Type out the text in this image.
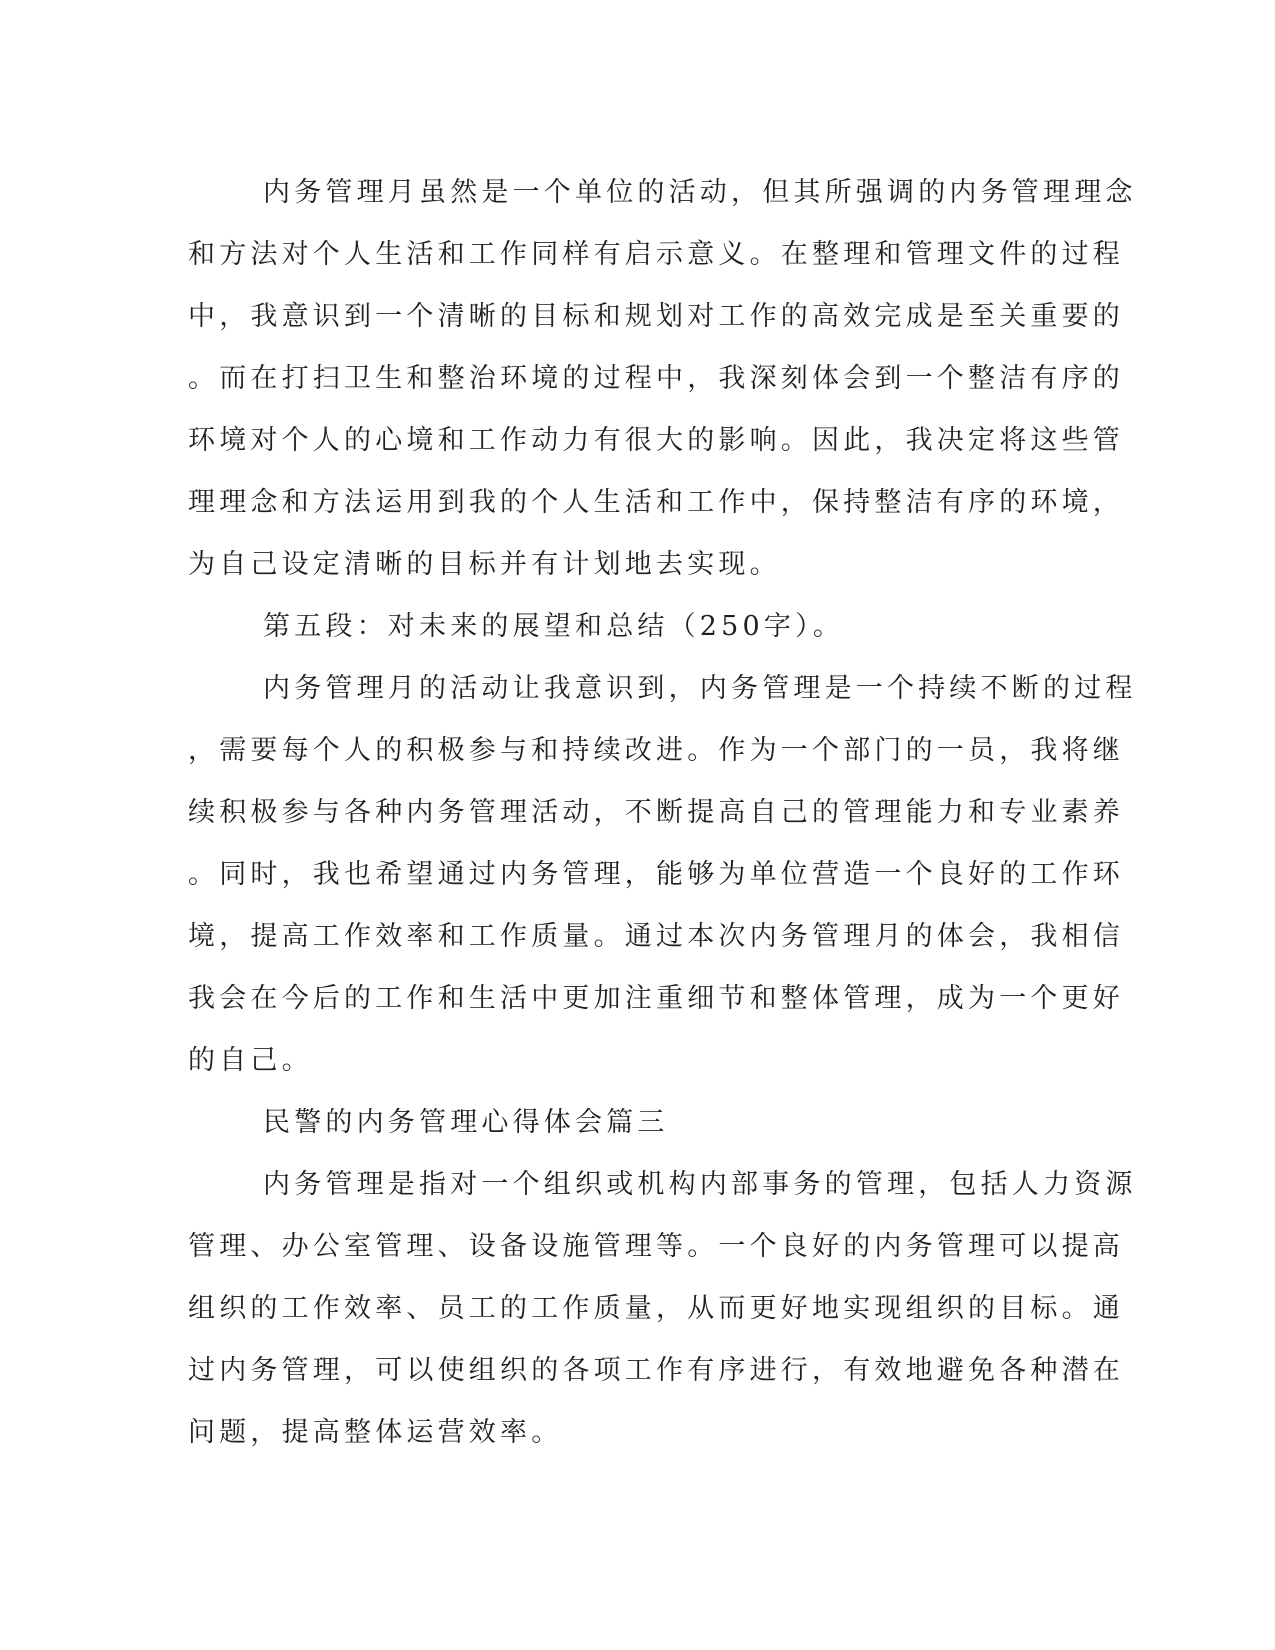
内务管理月虽然是一个单位的活动，但其所强调的内务管理理念
和方法对个人生活和工作同样有启示意义。在整理和管理文件的过程
中，我意识到一个清晰的目标和规划对工作的高效完成是至关重要的
。而在打扫卫生和整治环境的过程中，我深刻体会到一个整洁有序的
环境对个人的心境和工作动力有很大的影响。因此，我决定将这些管
理理念和方法运用到我的个人生活和工作中，保持整洁有序的环境，
为自己设定清晰的目标并有计划地去实现。
第五段：对未来的展望和总结（250字）。
内务管理月的活动让我意识到，内务管理是一个持续不断的过程
，需要每个人的积极参与和持续改进。作为一个部门的一员，我将继
续积极参与各种内务管理活动，不断提高自己的管理能力和专业素养
。同时，我也希望通过内务管理，能够为单位营造一个良好的工作环
境，提高工作效率和工作质量。通过本次内务管理月的体会，我相信
我会在今后的工作和生活中更加注重细节和整体管理，成为一个更好
的自己。
民警的内务管理心得体会篇三
内务管理是指对一个组织或机构内部事务的管理，包括人力资源
管理、办公室管理、设备设施管理等。一个良好的内务管理可以提高
组织的工作效率、员工的工作质量，从而更好地实现组织的目标。通
过内务管理，可以使组织的各项工作有序进行，有效地避免各种潜在
问题，提高整体运营效率。
